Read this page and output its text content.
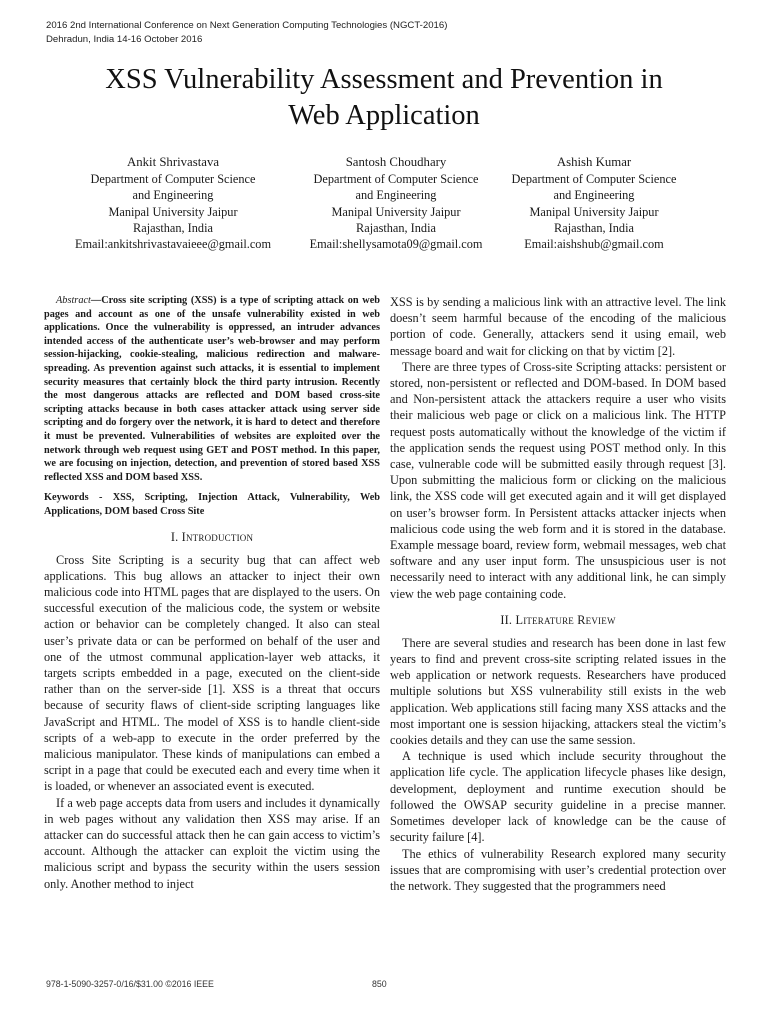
2016 2nd International Conference on Next Generation Computing Technologies (NGCT-2016)
Dehradun, India 14-16 October 2016
XSS Vulnerability Assessment and Prevention in
Web Application
Ankit Shrivastava
Department of Computer Science
and Engineering
Manipal University Jaipur
Rajasthan, India
Email:ankitshrivastavaieee@gmail.com
Santosh Choudhary
Department of Computer Science
and Engineering
Manipal University Jaipur
Rajasthan, India
Email:shellysamota09@gmail.com
Ashish Kumar
Department of Computer Science
and Engineering
Manipal University Jaipur
Rajasthan, India
Email:aishshub@gmail.com

Abstract—Cross site scripting (XSS) is a type of scripting attack on web pages and account as one of the unsafe vulnerability existed in web applications. Once the vulnerability is oppressed, an intruder advances intended access of the authenticate user’s web-browser and may perform session-hijacking, cookie-stealing, malicious redirection and malware-spreading. As prevention against such attacks, it is essential to implement security measures that certainly block the third party intrusion. Recently the most dangerous attacks are reflected and DOM based cross-site scripting attacks because in both cases attacker attack using server side scripting and do forgery over the network, it is hard to detect and therefore it must be prevented. Vulnerabilities of websites are exploited over the network through web request using GET and POST method. In this paper, we are focusing on injection, detection, and prevention of stored based XSS reflected XSS and DOM based XSS.

Keywords - XSS, Scripting, Injection Attack, Vulnerability, Web Applications, DOM based Cross Site

I. Introduction

Cross Site Scripting is a security bug that can affect web applications. This bug allows an attacker to inject their own malicious code into HTML pages that are displayed to the users. On successful execution of the malicious code, the system or website action or behavior can be completely changed. It also can steal user’s private data or can be performed on behalf of the user and one of the utmost communal application-layer web attacks, it targets scripts embedded in a page, executed on the client-side rather than on the server-side [1]. XSS is a threat that occurs because of security flaws of client-side scripting languages like JavaScript and HTML. The model of XSS is to handle client-side scripts of a web-app to execute in the order preferred by the malicious manipulator. These kinds of manipulations can embed a script in a page that could be executed each and every time when it is loaded, or whenever an associated event is executed.

If a web page accepts data from users and includes it dynamically in web pages without any validation then XSS may arise. If an attacker can do successful attack then he can gain access to victim’s account. Although the attacker can exploit the victim using the malicious script and bypass the security within the users session only. Another method to inject

XSS is by sending a malicious link with an attractive level. The link doesn’t seem harmful because of the encoding of the malicious portion of code. Generally, attackers send it using email, web message board and wait for clicking on that by victim [2].

There are three types of Cross-site Scripting attacks: persistent or stored, non-persistent or reflected and DOM-based. In DOM based and Non-persistent attack the attackers require a user who visits their malicious web page or click on a malicious link. The HTTP request posts automatically without the knowledge of the victim if the application sends the request using POST method only. In this case, vulnerable code will be submitted easily through request [3]. Upon submitting the malicious form or clicking on the malicious link, the XSS code will get executed again and it will get displayed on user’s browser form. In Persistent attacks attacker injects when malicious code using the web form and it is stored in the database. Example message board, review form, webmail messages, web chat software and any user input form. The unsuspicious user is not necessarily need to interact with any additional link, he can simply view the web page containing code.

II. Literature Review

There are several studies and research has been done in last few years to find and prevent cross-site scripting related issues in the web application or network requests. Researchers have produced multiple solutions but XSS vulnerability still exists in the web application. Web applications still facing many XSS attacks and the most important one is session hijacking, attackers steal the victim’s cookies details and they can use the same session.

A technique is used which include security throughout the application life cycle. The application lifecycle phases like design, development, deployment and runtime execution should be followed the OWSAP security guideline in a precise manner. Sometimes developer lack of knowledge can be the cause of security failure [4].

The ethics of vulnerability Research explored many security issues that are compromising with user’s credential protection over the network. They suggested that the programmers need

978-1-5090-3257-0/16/$31.00 ©2016 IEEE	850
